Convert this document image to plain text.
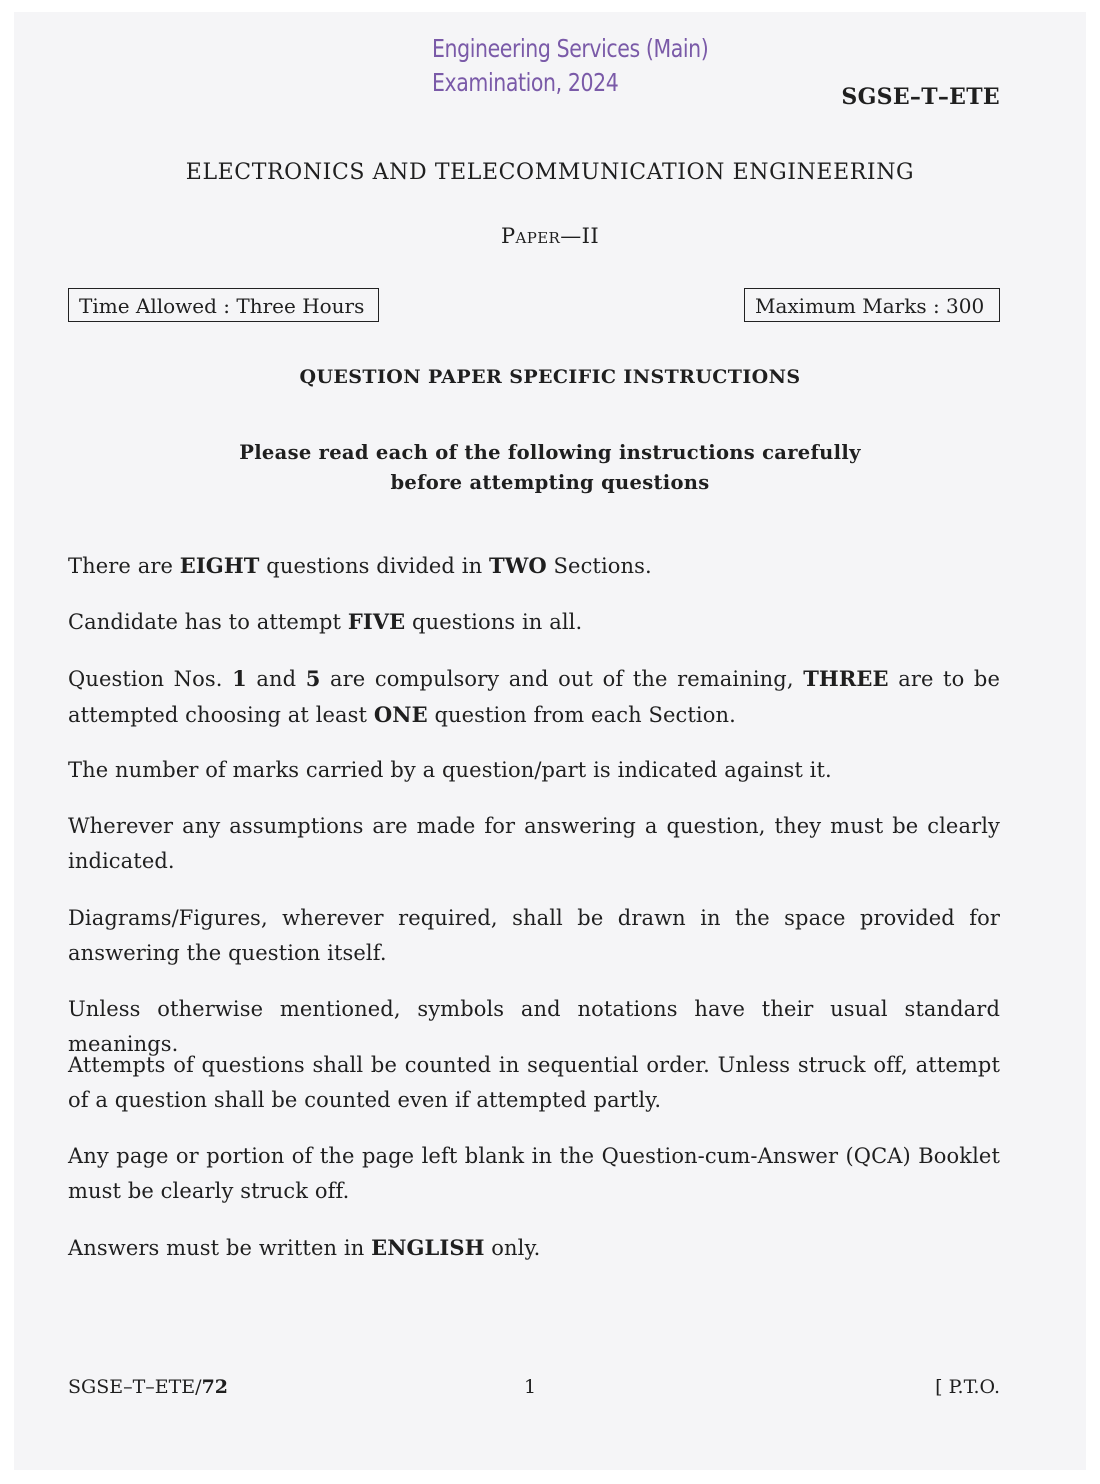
Engineering Services (Main)
Examination, 2024	SGSE–T–ETE
ELECTRONICS AND TELECOMMUNICATION ENGINEERING
Paper—II
Time Allowed : Three Hours	Maximum Marks : 300
QUESTION PAPER SPECIFIC INSTRUCTIONS
Please read each of the following instructions carefully
before attempting questions
There are EIGHT questions divided in TWO Sections.
Candidate has to attempt FIVE questions in all.
Question Nos. 1 and 5 are compulsory and out of the remaining, THREE are to be attempted choosing at least ONE question from each Section.
The number of marks carried by a question/part is indicated against it.
Wherever any assumptions are made for answering a question, they must be clearly indicated.
Diagrams/Figures, wherever required, shall be drawn in the space provided for answering the question itself.
Unless otherwise mentioned, symbols and notations have their usual standard meanings.
Attempts of questions shall be counted in sequential order. Unless struck off, attempt of a question shall be counted even if attempted partly.
Any page or portion of the page left blank in the Question-cum-Answer (QCA) Booklet must be clearly struck off.
Answers must be written in ENGLISH only.
SGSE–T–ETE/72	1	[ P.T.O.
